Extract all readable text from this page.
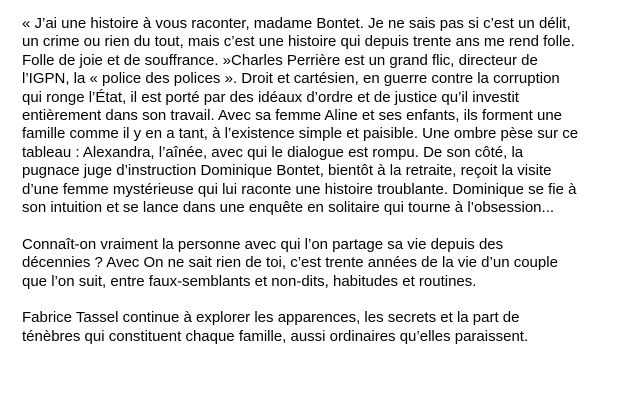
« J’ai une histoire à vous raconter, madame Bontet. Je ne sais pas si c’est un délit,
un crime ou rien du tout, mais c’est une histoire qui depuis trente ans me rend folle.
Folle de joie et de souffrance. »Charles Perrière est un grand flic, directeur de
l’IGPN, la « police des polices ». Droit et cartésien, en guerre contre la corruption
qui ronge l’État, il est porté par des idéaux d’ordre et de justice qu’il investit
entièrement dans son travail. Avec sa femme Aline et ses enfants, ils forment une
famille comme il y en a tant, à l’existence simple et paisible. Une ombre pèse sur ce
tableau : Alexandra, l’aînée, avec qui le dialogue est rompu. De son côté, la
pugnace juge d’instruction Dominique Bontet, bientôt à la retraite, reçoit la visite
d’une femme mystérieuse qui lui raconte une histoire troublante. Dominique se fie à
son intuition et se lance dans une enquête en solitaire qui tourne à l’obsession...
Connaît-on vraiment la personne avec qui l’on partage sa vie depuis des
décennies ? Avec On ne sait rien de toi, c’est trente années de la vie d’un couple
que l’on suit, entre faux-semblants et non-dits, habitudes et routines.
Fabrice Tassel continue à explorer les apparences, les secrets et la part de
ténèbres qui constituent chaque famille, aussi ordinaires qu’elles paraissent.
